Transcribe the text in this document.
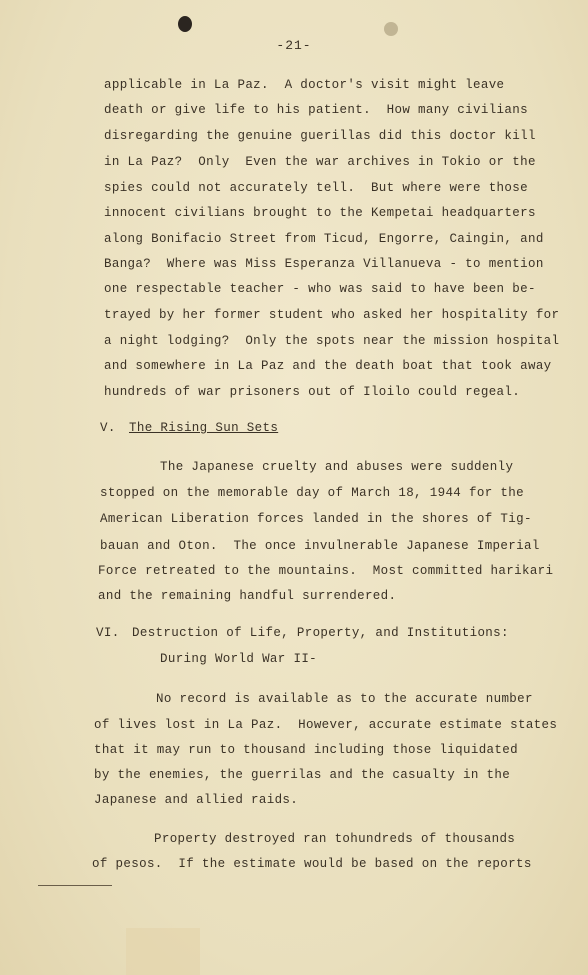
-21-
applicable in La Paz.  A doctor's visit might leave
death or give life to his patient.  How many civilians
disregarding the genuine guerillas did this doctor kill
in La Paz?  Only  Even the war archives in Tokio or the
spies could not accurately tell.  But where were those
innocent civilians brought to the Kempetai headquarters
along Bonifacio Street from Ticud, Engorre, Caingin, and
Banga?  Where was Miss Esperanza Villanueva - to mention
one respectable teacher - who was said to have been be-
trayed by her former student who asked her hospitality for
a night lodging?  Only the spots near the mission hospital
and somewhere in La Paz and the death boat that took away
hundreds of war prisoners out of Iloilo could regeal.
V. The Rising Sun Sets
The Japanese cruelty and abuses were suddenly
stopped on the memorable day of March 18, 1944 for the
American Liberation forces landed in the shores of Tig-
bauan and Oton.  The once invulnerable Japanese Imperial
Force retreated to the mountains.  Most committed harikari
and the remaining handful surrendered.
VI. Destruction of Life, Property, and Institutions:
During World War II-
No record is available as to the accurate number
of lives lost in La Paz.  However, accurate estimate states
that it may run to thousand including those liquidated
by the enemies, the guerrilas and the casualty in the
Japanese and allied raids.
Property destroyed ran tohundreds of thousands
of pesos.  If the estimate would be based on the reports
